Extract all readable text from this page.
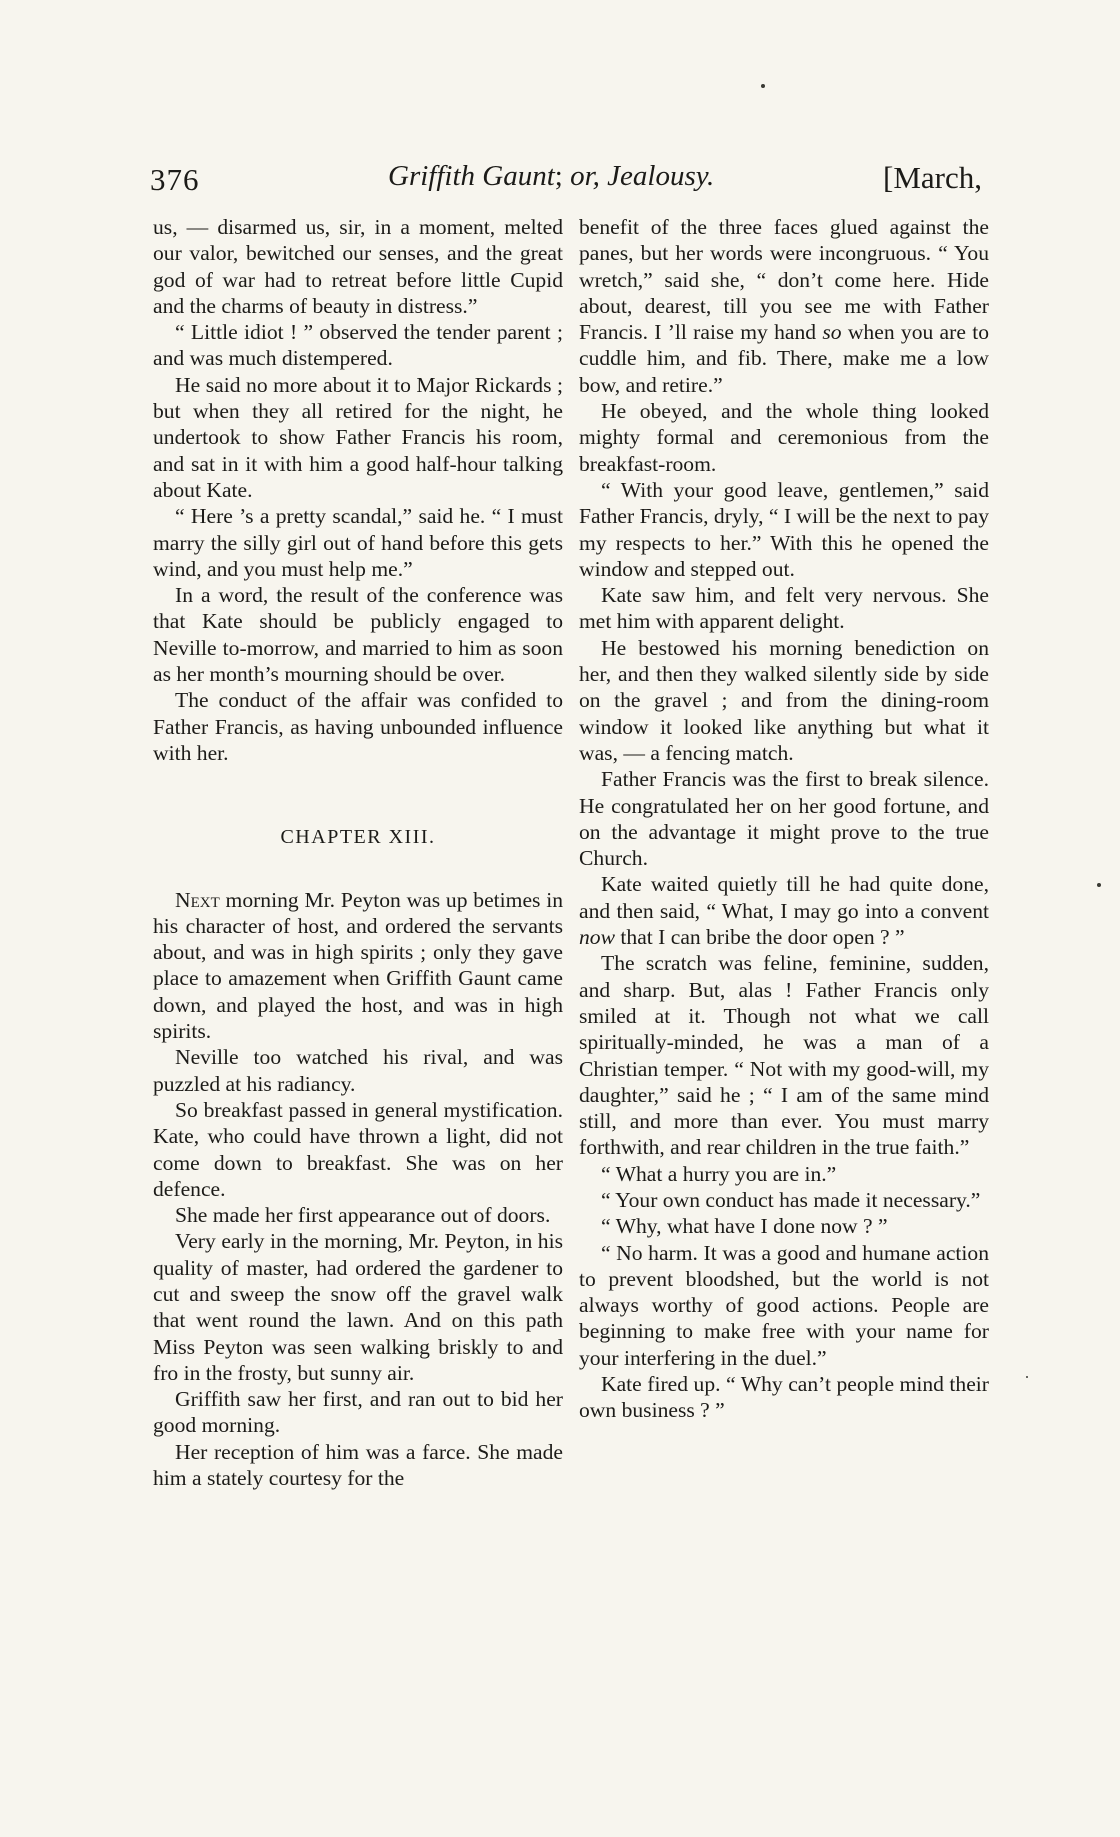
376	Griffith Gaunt; or, Jealousy.	[March,

us, — disarmed us, sir, in a moment, melted our valor, bewitched our senses, and the great god of war had to retreat before little Cupid and the charms of beauty in distress.”

“ Little idiot ! ” observed the tender parent ; and was much distempered.

He said no more about it to Major Rickards ; but when they all retired for the night, he undertook to show Father Francis his room, and sat in it with him a good half-hour talking about Kate.

“ Here ’s a pretty scandal,” said he. “ I must marry the silly girl out of hand before this gets wind, and you must help me.”

In a word, the result of the conference was that Kate should be publicly engaged to Neville to-morrow, and married to him as soon as her month’s mourning should be over.

The conduct of the affair was confided to Father Francis, as having unbounded influence with her.

CHAPTER XIII.

Next morning Mr. Peyton was up betimes in his character of host, and ordered the servants about, and was in high spirits ; only they gave place to amazement when Griffith Gaunt came down, and played the host, and was in high spirits.

Neville too watched his rival, and was puzzled at his radiancy.

So breakfast passed in general mystification. Kate, who could have thrown a light, did not come down to breakfast. She was on her defence.

She made her first appearance out of doors.

Very early in the morning, Mr. Peyton, in his quality of master, had ordered the gardener to cut and sweep the snow off the gravel walk that went round the lawn. And on this path Miss Peyton was seen walking briskly to and fro in the frosty, but sunny air.

Griffith saw her first, and ran out to bid her good morning.

Her reception of him was a farce. She made him a stately courtesy for the

benefit of the three faces glued against the panes, but her words were incongruous. “ You wretch,” said she, “ don’t come here. Hide about, dearest, till you see me with Father Francis. I ’ll raise my hand so when you are to cuddle him, and fib. There, make me a low bow, and retire.”

He obeyed, and the whole thing looked mighty formal and ceremonious from the breakfast-room.

“ With your good leave, gentlemen,” said Father Francis, dryly, “ I will be the next to pay my respects to her.” With this he opened the window and stepped out.

Kate saw him, and felt very nervous. She met him with apparent delight.

He bestowed his morning benediction on her, and then they walked silently side by side on the gravel ; and from the dining-room window it looked like anything but what it was, — a fencing match.

Father Francis was the first to break silence. He congratulated her on her good fortune, and on the advantage it might prove to the true Church.

Kate waited quietly till he had quite done, and then said, “ What, I may go into a convent now that I can bribe the door open ? ”

The scratch was feline, feminine, sudden, and sharp. But, alas ! Father Francis only smiled at it. Though not what we call spiritually-minded, he was a man of a Christian temper. “ Not with my good-will, my daughter,” said he ; “ I am of the same mind still, and more than ever. You must marry forthwith, and rear children in the true faith.”

“ What a hurry you are in.”

“ Your own conduct has made it necessary.”

“ Why, what have I done now ? ”

“ No harm. It was a good and humane action to prevent bloodshed, but the world is not always worthy of good actions. People are beginning to make free with your name for your interfering in the duel.”

Kate fired up. “ Why can’t people mind their own business ? ”
